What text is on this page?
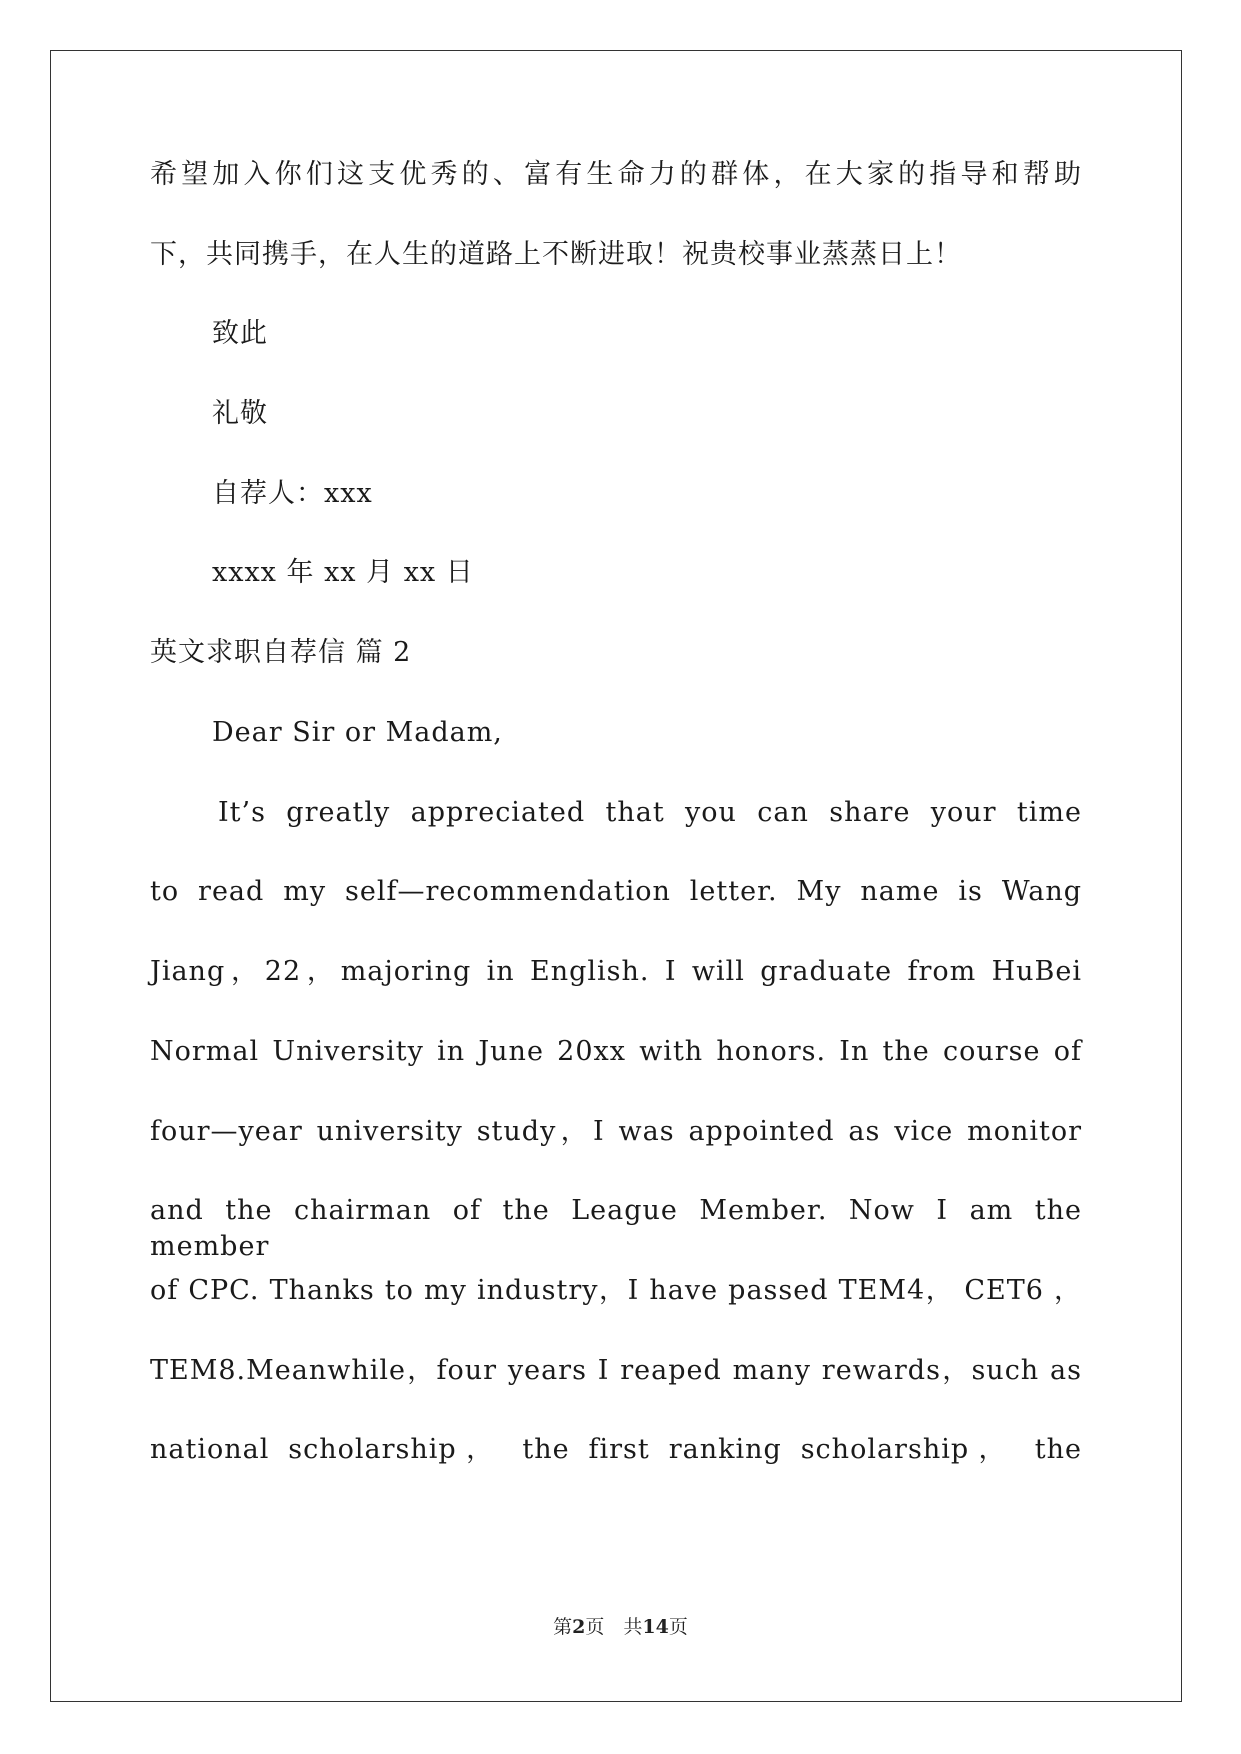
希望加入你们这支优秀的、富有生命力的群体，在大家的指导和帮助
下，共同携手，在人生的道路上不断进取！祝贵校事业蒸蒸日上！
致此
礼敬
自荐人：xxx
xxxx 年 xx 月 xx 日
英文求职自荐信 篇 2
Dear Sir or Madam,
It’s greatly appreciated that you can share your time
to read my self—recommendation letter. My name is Wang
Jiang，22，majoring in English. I will graduate from HuBei
Normal University in June 20xx with honors. In the course of
four—year university study，I was appointed as vice monitor
and the chairman of the League Member. Now I am the member
of CPC. Thanks to my industry，I have passed TEM4， CET6 ，
TEM8.Meanwhile，four years I reaped many rewards，such as
national scholarship， the first ranking scholarship， the
第2页　共14页
